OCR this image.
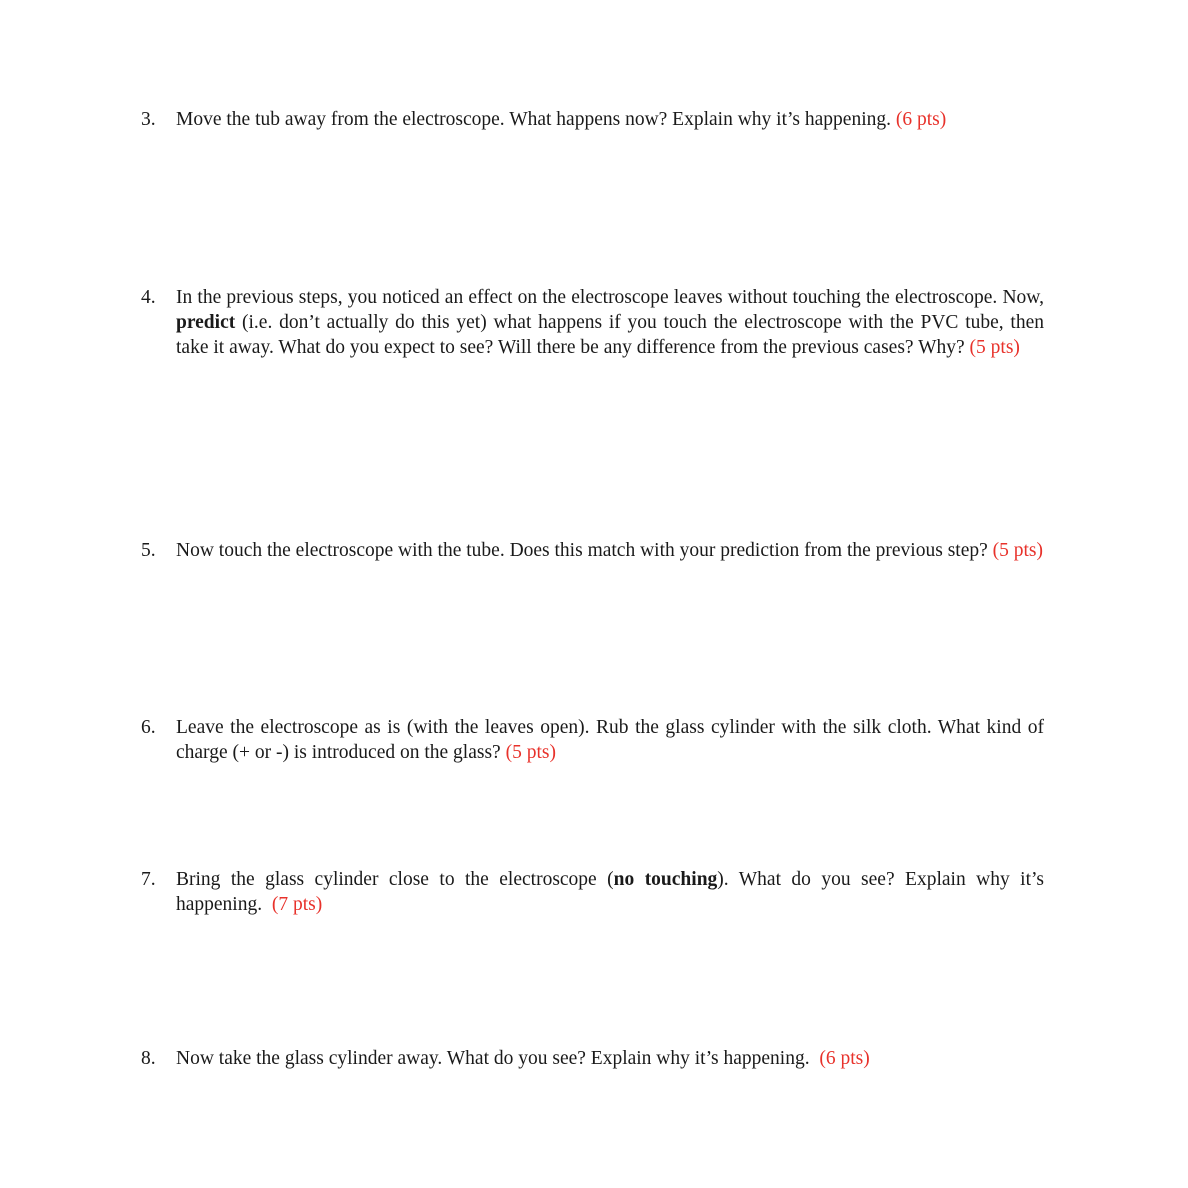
3.	Move the tub away from the electroscope. What happens now? Explain why it’s happening. (6 pts)
4.	In the previous steps, you noticed an effect on the electroscope leaves without touching the electroscope. Now, predict (i.e. don’t actually do this yet) what happens if you touch the electroscope with the PVC tube, then take it away. What do you expect to see? Will there be any difference from the previous cases? Why? (5 pts)
5.	Now touch the electroscope with the tube. Does this match with your prediction from the previous step? (5 pts)
6.	Leave the electroscope as is (with the leaves open). Rub the glass cylinder with the silk cloth. What kind of charge (+ or -) is introduced on the glass? (5 pts)
7.	Bring the glass cylinder close to the electroscope (no touching). What do you see? Explain why it’s happening. (7 pts)
8.	Now take the glass cylinder away. What do you see? Explain why it’s happening. (6 pts)
